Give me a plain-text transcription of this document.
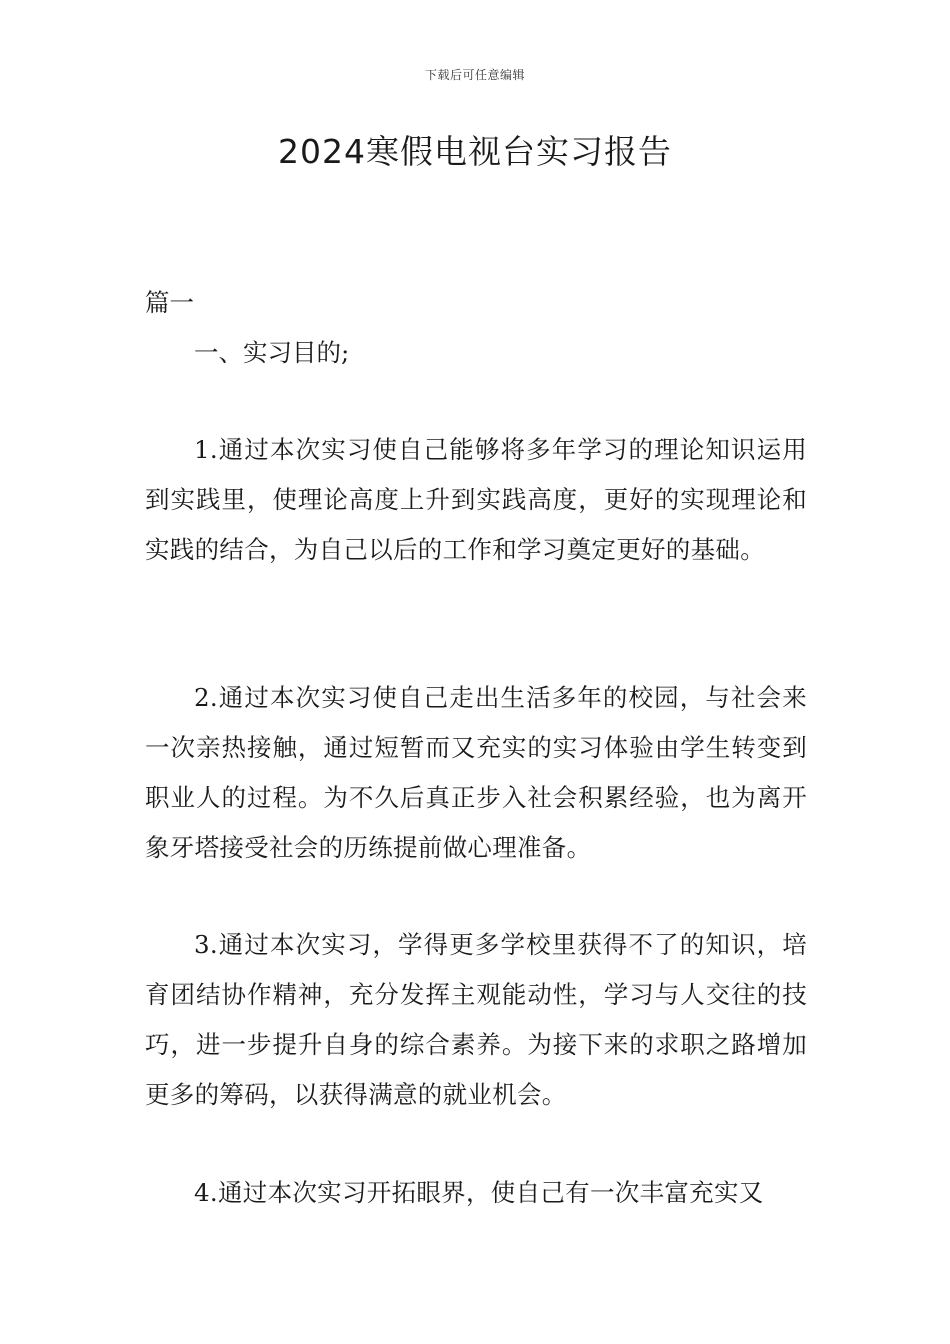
下载后可任意编辑
2024寒假电视台实习报告
篇一
一、实习目的;

1.通过本次实习使自己能够将多年学习的理论知识运用到实践里，使理论高度上升到实践高度，更好的实现理论和实践的结合，为自己以后的工作和学习奠定更好的基础。

2.通过本次实习使自己走出生活多年的校园，与社会来一次亲热接触，通过短暂而又充实的实习体验由学生转变到职业人的过程。为不久后真正步入社会积累经验，也为离开象牙塔接受社会的历练提前做心理准备。

3.通过本次实习，学得更多学校里获得不了的知识，培育团结协作精神，充分发挥主观能动性，学习与人交往的技巧，进一步提升自身的综合素养。为接下来的求职之路增加更多的筹码，以获得满意的就业机会。

4.通过本次实习开拓眼界，使自己有一次丰富充实又
